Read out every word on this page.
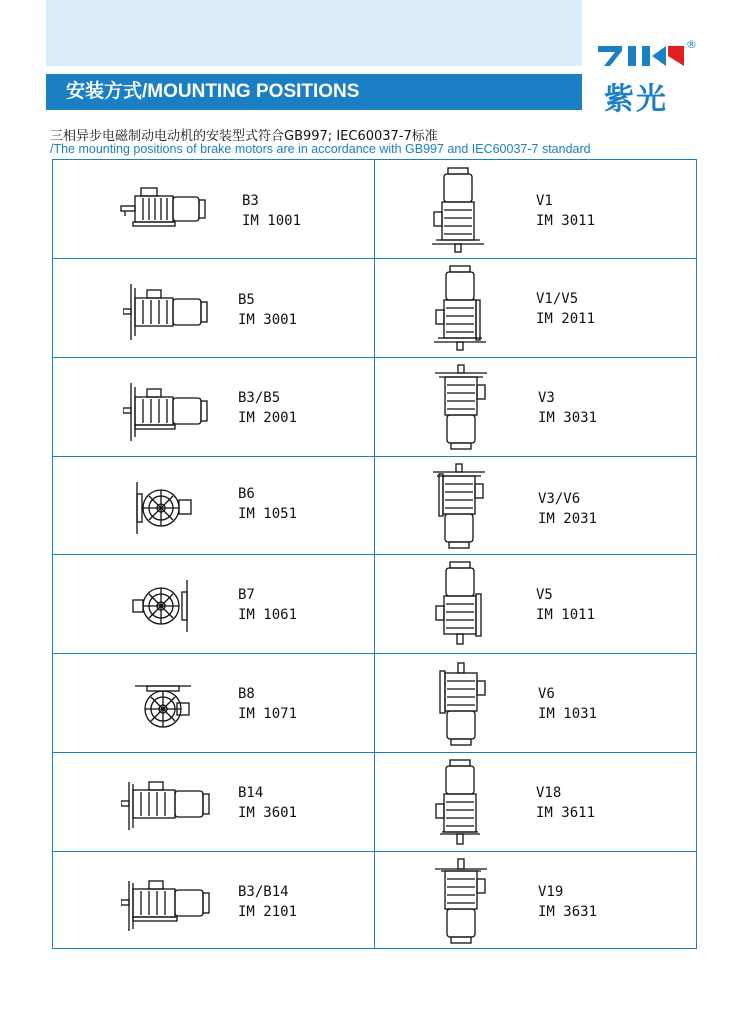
安装方式/MOUNTING POSITIONS
®
紫光
三相异步电磁制动电动机的安装型式符合GB997; IEC60037-7标准
/The mounting positions of brake motors are in accordance with GB997 and IEC60037-7 standard
B3
IM 1001
B5
IM 3001
B3/B5
IM 2001
B6
IM 1051
B7
IM 1061
B8
IM 1071
B14
IM 3601
B3/B14
IM 2101
V1
IM 3011
V1/V5
IM 2011
V3
IM 3031
V3/V6
IM 2031
V5
IM 1011
V6
IM 1031
V18
IM 3611
V19
IM 3631
